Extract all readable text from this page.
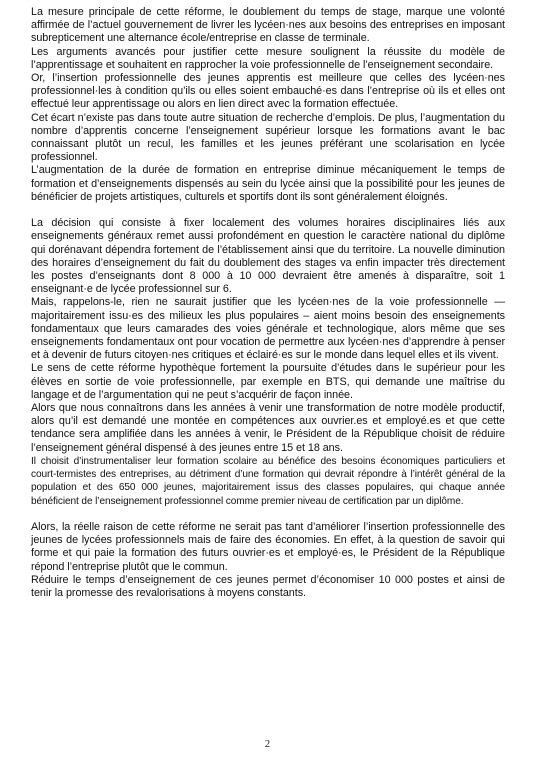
La mesure principale de cette réforme, le doublement du temps de stage, marque une volonté affirmée de l’actuel gouvernement de livrer les lycéen·nes aux besoins des entreprises en imposant subrepticement une alternance école/entreprise en classe de terminale.

Les arguments avancés pour justifier cette mesure soulignent la réussite du modèle de l’apprentissage et souhaitent en rapprocher la voie professionnelle de l’enseignement secondaire.

Or, l’insertion professionnelle des jeunes apprentis est meilleure que celles des lycéen·nes professionnel·les à condition qu’ils ou elles soient embauché·es dans l’entreprise où ils et elles ont effectué leur apprentissage ou alors en lien direct avec la formation effectuée.

Cet écart n’existe pas dans toute autre situation de recherche d’emplois. De plus, l’augmentation du nombre d’apprentis concerne l’enseignement supérieur lorsque les formations avant le bac connaissant plutôt un recul, les familles et les jeunes préférant une scolarisation en lycée professionnel.

L’augmentation de la durée de formation en entreprise diminue mécaniquement le temps de formation et d’enseignements dispensés au sein du lycée ainsi que la possibilité pour les jeunes de bénéficier de projets artistiques, culturels et sportifs dont ils sont généralement éloignés.

La décision qui consiste à fixer localement des volumes horaires disciplinaires liés aux enseignements généraux remet aussi profondément en question le caractère national du diplôme qui dorénavant dépendra fortement de l’établissement ainsi que du territoire. La nouvelle diminution des horaires d’enseignement du fait du doublement des stages va enfin impacter très directement les postes d’enseignants dont 8 000 à 10 000 devraient être amenés à disparaître, soit 1 enseignant·e de lycée professionnel sur 6.

Mais, rappelons-le, rien ne saurait justifier que les lycéen·nes de la voie professionnelle — majoritairement issu·es des milieux les plus populaires – aient moins besoin des enseignements fondamentaux que leurs camarades des voies générale et technologique, alors même que ses enseignements fondamentaux ont pour vocation de permettre aux lycéen·nes d’apprendre à penser et à devenir de futurs citoyen·nes critiques et éclairé·es sur le monde dans lequel elles et ils vivent.

Le sens de cette réforme hypothèque fortement la poursuite d’études dans le supérieur pour les élèves en sortie de voie professionnelle, par exemple en BTS, qui demande une maîtrise du langage et de l’argumentation qui ne peut s’acquérir de façon innée.

Alors que nous connaîtrons dans les années à venir une transformation de notre modèle productif, alors qu’il est demandé une montée en compétences aux ouvrier.es et employé.es et que cette tendance sera amplifiée dans les années à venir, le Président de la République choisit de réduire l’enseignement général dispensé à des jeunes entre 15 et 18 ans.

Il choisit d’instrumentaliser leur formation scolaire au bénéfice des besoins économiques particuliers et court-termistes des entreprises, au détriment d’une formation qui devrait répondre à l’intérêt général de la population et des 650 000 jeunes, majoritairement issus des classes populaires, qui chaque année bénéficient de l’enseignement professionnel comme premier niveau de certification par un diplôme.

Alors, la réelle raison de cette réforme ne serait pas tant d’améliorer l’insertion professionnelle des jeunes de lycées professionnels mais de faire des économies. En effet, à la question de savoir qui forme et qui paie la formation des futurs ouvrier·es et employé·es, le Président de la République répond l’entreprise plutôt que le commun.

Réduire le temps d’enseignement de ces jeunes permet d’économiser 10 000 postes et ainsi de tenir la promesse des revalorisations à moyens constants.

2
